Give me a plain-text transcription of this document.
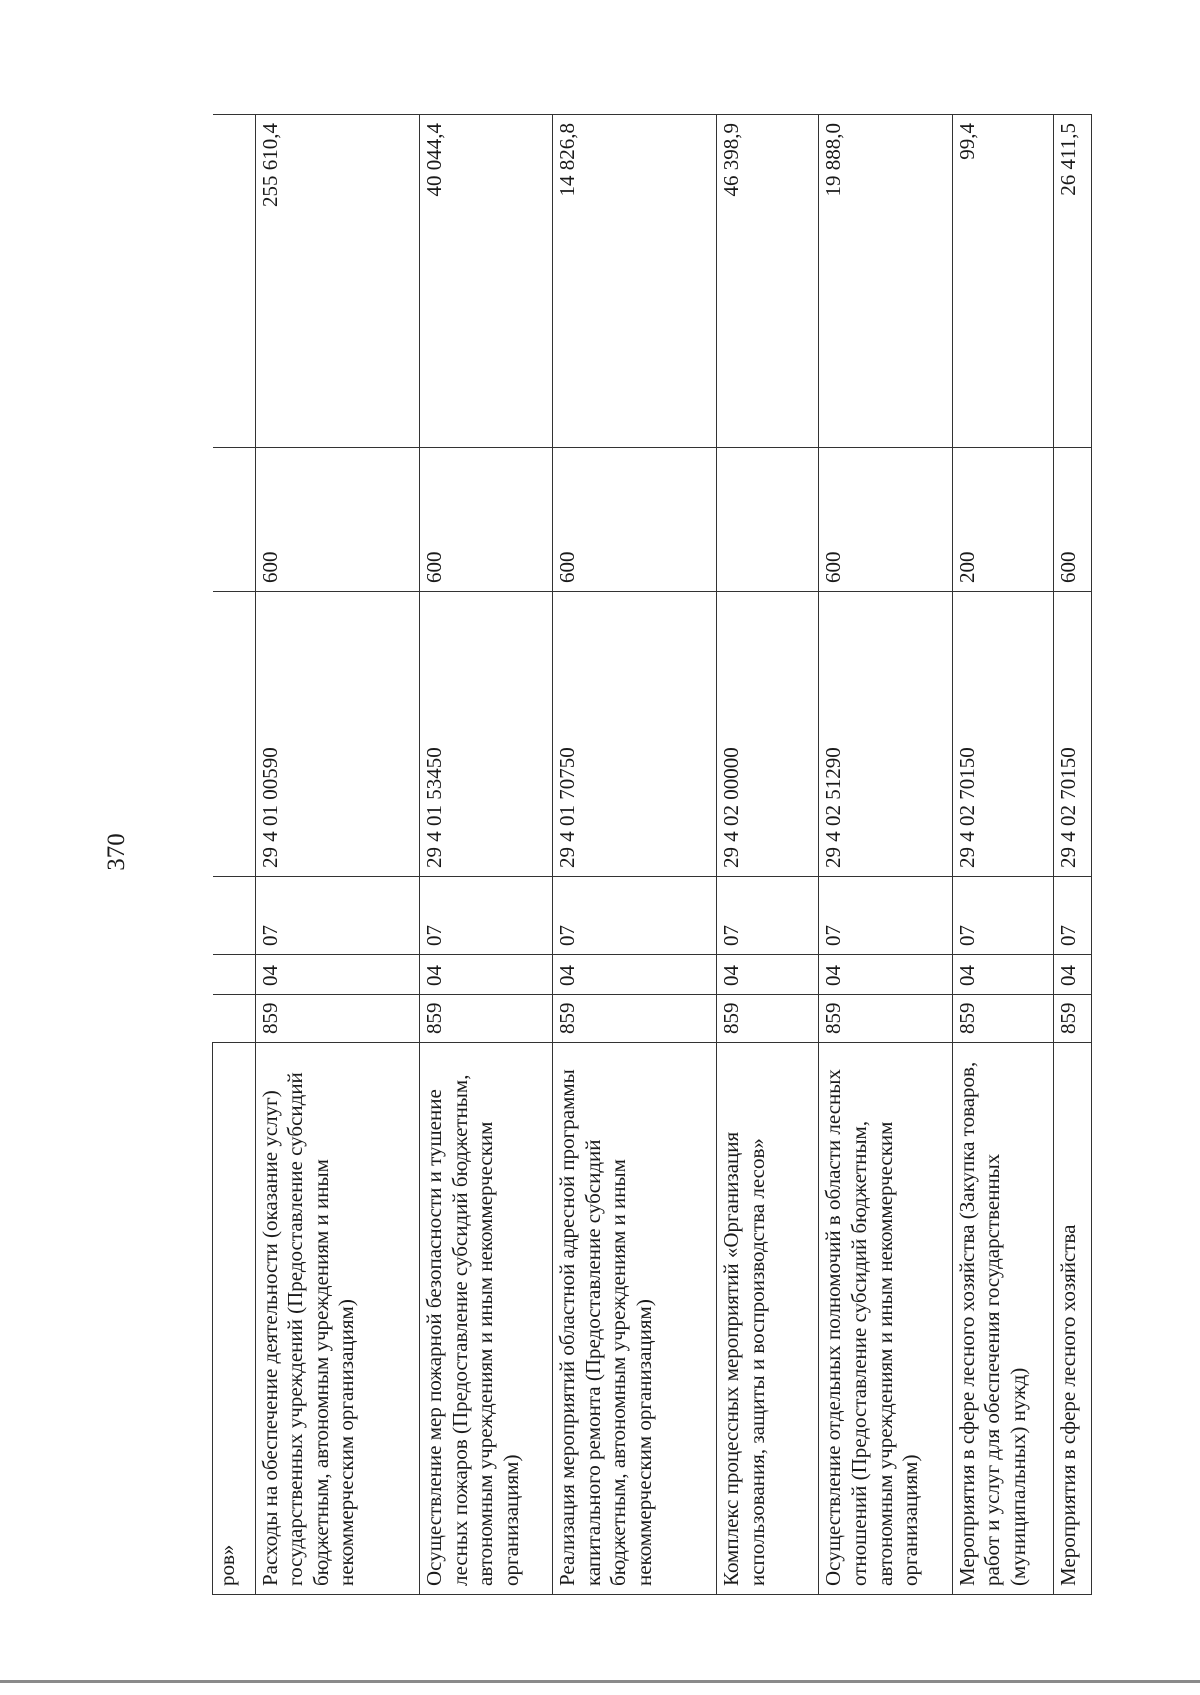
370
ров»						
Расходы на обеспечение деятельности (оказание услуг) государственных учреждений (Предоставление субсидий бюджетным, автономным учреждениям и иным некоммерческим организациям)	859	04	07	29 4 01 00590	600	255 610,4
Осуществление мер пожарной безопасности и тушение лесных пожаров (Предоставление субсидий бюджетным, автономным учреждениям и иным некоммерческим организациям)	859	04	07	29 4 01 53450	600	40 044,4
Реализация мероприятий областной адресной программы капитального ремонта (Предоставление субсидий бюджетным, автономным учреждениям и иным некоммерческим организациям)	859	04	07	29 4 01 70750	600	14 826,8
Комплекс процессных мероприятий «Организация использования, защиты и воспроизводства лесов»	859	04	07	29 4 02 00000		46 398,9
Осуществление отдельных полномочий в области лесных отношений (Предоставление субсидий бюджетным, автономным учреждениям и иным некоммерческим организациям)	859	04	07	29 4 02 51290	600	19 888,0
Мероприятия в сфере лесного хозяйства (Закупка товаров, работ и услуг для обеспечения государственных (муниципальных) нужд)	859	04	07	29 4 02 70150	200	99,4
Мероприятия в сфере лесного хозяйства	859	04	07	29 4 02 70150	600	26 411,5
